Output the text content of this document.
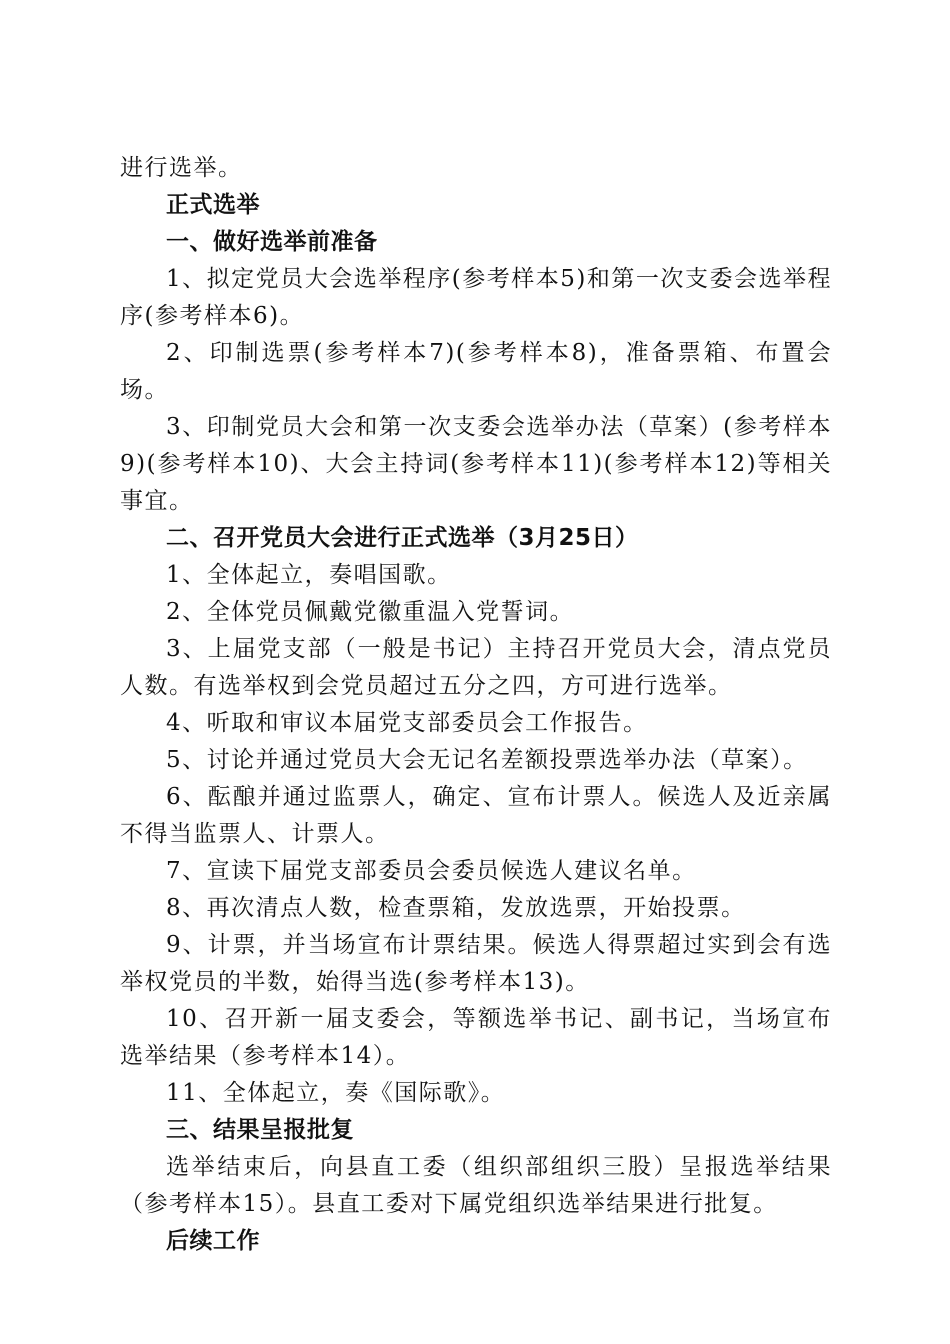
进行选举。

正式选举

一、做好选举前准备

1、拟定党员大会选举程序(参考样本5)和第一次支委会选举程序(参考样本6)。

2、印制选票(参考样本7)(参考样本8)，准备票箱、布置会场。

3、印制党员大会和第一次支委会选举办法（草案）(参考样本9)(参考样本10)、大会主持词(参考样本11)(参考样本12)等相关事宜。

二、召开党员大会进行正式选举（3月25日）

1、全体起立，奏唱国歌。

2、全体党员佩戴党徽重温入党誓词。

3、上届党支部（一般是书记）主持召开党员大会，清点党员人数。有选举权到会党员超过五分之四，方可进行选举。

4、听取和审议本届党支部委员会工作报告。

5、讨论并通过党员大会无记名差额投票选举办法（草案）。

6、酝酿并通过监票人，确定、宣布计票人。候选人及近亲属不得当监票人、计票人。

7、宣读下届党支部委员会委员候选人建议名单。

8、再次清点人数，检查票箱，发放选票，开始投票。

9、计票，并当场宣布计票结果。候选人得票超过实到会有选举权党员的半数，始得当选(参考样本13)。

10、召开新一届支委会，等额选举书记、副书记，当场宣布选举结果（参考样本14）。

11、全体起立，奏《国际歌》。

三、结果呈报批复

选举结束后，向县直工委（组织部组织三股）呈报选举结果（参考样本15）。县直工委对下属党组织选举结果进行批复。

后续工作
